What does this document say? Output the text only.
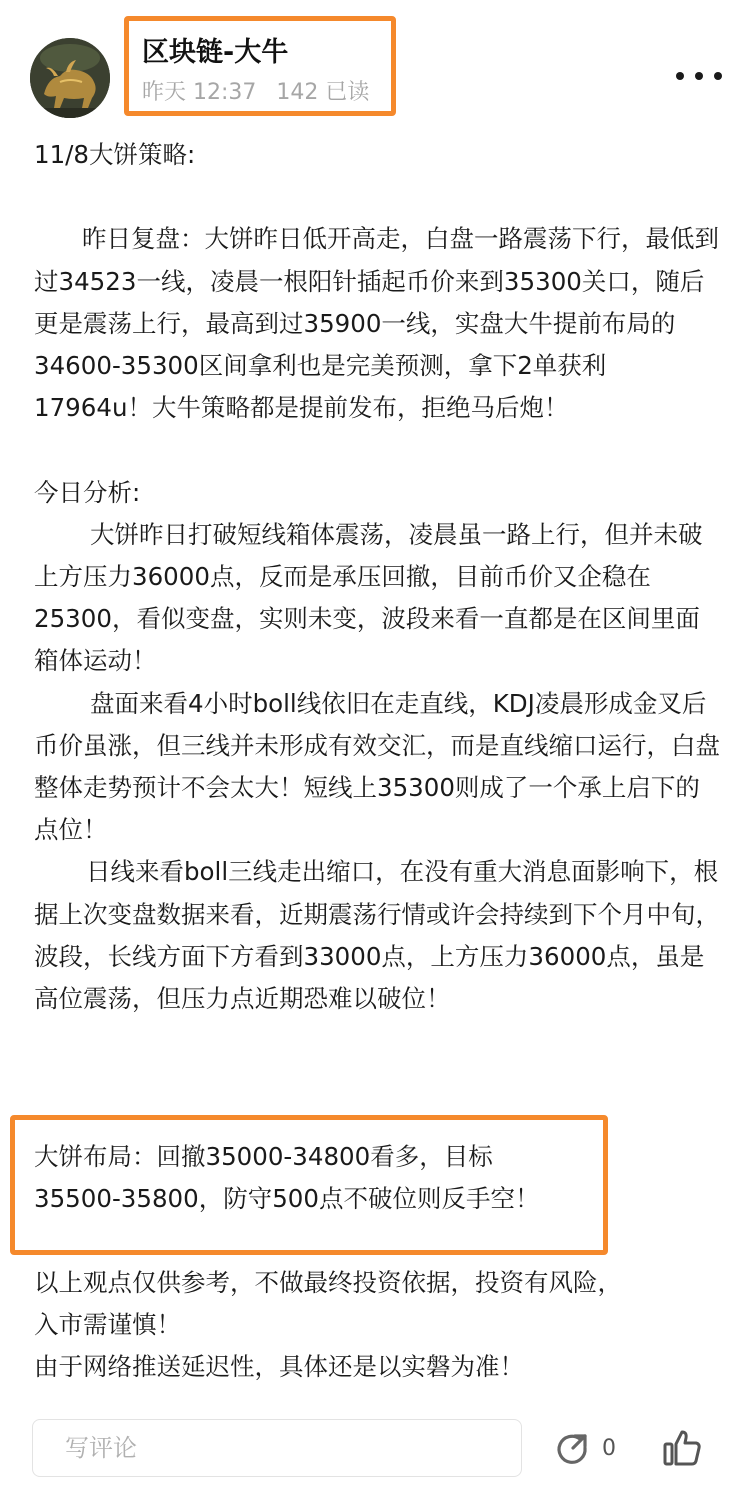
区块链-大牛
昨天 12:37 142 已读

11/8大饼策略:

昨日复盘：大饼昨日低开高走，白盘一路震荡下行，最低到过34523一线，凌晨一根阳针插起币价来到35300关口，随后更是震荡上行，最高到过35900一线，实盘大牛提前布局的34600-35300区间拿利也是完美预测，拿下2单获利17964u！大牛策略都是提前发布，拒绝马后炮！

今日分析:

大饼昨日打破短线箱体震荡，凌晨虽一路上行，但并未破上方压力36000点，反而是承压回撤，目前币价又企稳在25300，看似变盘，实则未变，波段来看一直都是在区间里面箱体运动！

盘面来看4小时boll线依旧在走直线，KDJ凌晨形成金叉后币价虽涨，但三线并未形成有效交汇，而是直线缩口运行，白盘整体走势预计不会太大！短线上35300则成了一个承上启下的点位！

日线来看boll三线走出缩口，在没有重大消息面影响下，根据上次变盘数据来看，近期震荡行情或许会持续到下个月中旬，波段，长线方面下方看到33000点，上方压力36000点，虽是高位震荡，但压力点近期恐难以破位！

大饼布局：回撤35000-34800看多，目标

35500-35800，防守500点不破位则反手空！

以上观点仅供参考，不做最终投资依据，投资有风险，

入市需谨慎！

由于网络推送延迟性，具体还是以实磐为准！

写评论
0
